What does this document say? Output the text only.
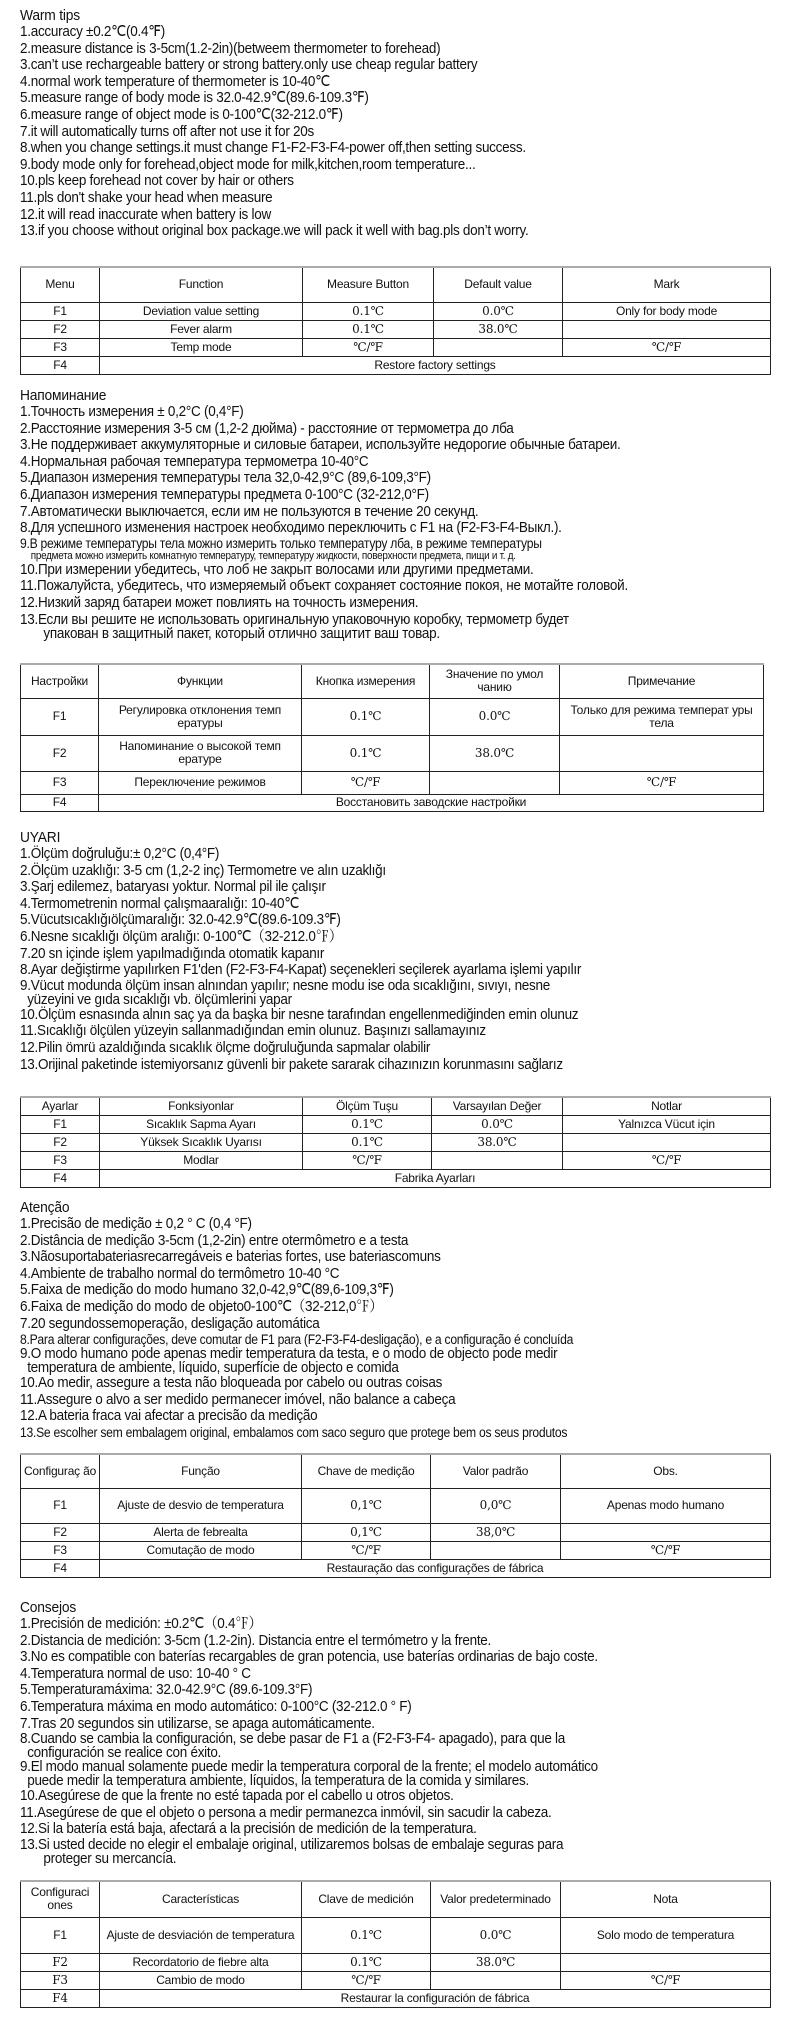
Warm tips

1.accuracy ±0.2℃(0.4℉)

2.measure distance is 3-5cm(1.2-2in)(betweem thermometer to forehead)

3.can’t use rechargeable battery or strong battery.only use cheap regular battery

4.normal work temperature of thermometer is 10-40℃

5.measure range of body mode is 32.0-42.9℃(89.6-109.3℉)

6.measure range of object mode is 0-100℃(32-212.0℉)

7.it will automatically turns off after not use it for 20s

8.when you change settings.it must change F1-F2-F3-F4-power off,then setting success.

9.body mode only for forehead,object mode for milk,kitchen,room temperature...

10.pls keep forehead not cover by hair or others

11.pls don't shake your head when measure

12.it will read inaccurate when battery is low

13.if you choose without original box package.we will pack it well with bag.pls don’t worry.

Menu	Function	Measure Button	Default value	Mark
F1	Deviation value setting	0.1℃	0.0℃	Only for body mode
F2	Fever alarm	0.1℃	38.0℃	
F3	Temp mode	℃/℉		℃/℉
F4	Restore factory settings			

Напоминание

1.Точность измерения ± 0,2°C (0,4°F)

2.Расстояние измерения 3-5 см (1,2-2 дюйма) - расстояние от термометра до лба

3.Не поддерживает аккумуляторные и силовые батареи, используйте недорогие обычные батареи.

4.Нормальная рабочая температура термометра 10-40°C

5.Диапазон измерения температуры тела 32,0-42,9°C (89,6-109,3°F)

6.Диапазон измерения температуры предмета 0-100°C (32-212,0°F)

7.Автоматически выключается, если им не пользуются в течение 20 секунд.

8.Для успешного изменения настроек необходимо переключить с F1 на (F2-F3-F4-Выкл.).

9.В режиме температуры тела можно измерить только температуру лба, в режиме температуры

предмета можно измерить комнатную температуру, температуру жидкости, поверхности предмета, пищи и т. д.

10.При измерении убедитесь, что лоб не закрыт волосами или другими предметами.

11.Пожалуйста, убедитесь, что измеряемый объект сохраняет состояние покоя, не мотайте головой.

12.Низкий заряд батареи может повлиять на точность измерения.

13.Если вы решите не использовать оригинальную упаковочную коробку, термометр будет

упакован в защитный пакет, который отлично защитит ваш товар.

Настройки	Функции	Кнопка измерения	Значение по умол чанию	Примечание
F1	Регулировка отклонения темп ературы	0.1℃	0.0℃	Только для режима температ уры тела
F2	Напоминание о высокой темп ературе	0.1℃	38.0℃	
F3	Переключение режимов	℃/℉		℃/℉
F4	Восстановить заводские настройки			

UYARI

1.Ölçüm doğruluğu:± 0,2°C (0,4°F)

2.Ölçüm uzaklığı: 3-5 cm (1,2-2 inç) Termometre ve alın uzaklığı

3.Şarj edilemez, bataryası yoktur. Normal pil ile çalışır

4.Termometrenin normal çalışmaaralığı: 10-40℃

5.Vücutsıcaklığıölçümaralığı: 32.0-42.9℃(89.6-109.3℉)

6.Nesne sıcaklığı ölçüm aralığı: 0-100℃（32-212.0℉）

7.20 sn içinde işlem yapılmadığında otomatik kapanır

8.Ayar değiştirme yapılırken F1'den (F2-F3-F4-Kapat) seçenekleri seçilerek ayarlama işlemi yapılır

9.Vücut modunda ölçüm insan alnından yapılır; nesne modu ise oda sıcaklığını, sıvıyı, nesne

yüzeyini ve gıda sıcaklığı vb. ölçümlerini yapar

10.Ölçüm esnasında alnın saç ya da başka bir nesne tarafından engellenmediğinden emin olunuz

11.Sıcaklığı ölçülen yüzeyin sallanmadığından emin olunuz. Başınızı sallamayınız

12.Pilin ömrü azaldığında sıcaklık ölçme doğruluğunda sapmalar olabilir

13.Orijinal paketinde istemiyorsanız güvenli bir pakete sararak cihazınızın korunmasını sağlarız

Ayarlar	Fonksiyonlar	Ölçüm Tuşu	Varsayılan Değer	Notlar
F1	Sıcaklık Sapma Ayarı	0.1℃	0.0℃	Yalnızca Vücut için
F2	Yüksek Sıcaklık Uyarısı	0.1℃	38.0℃	
F3	Modlar	℃/℉		℃/℉
F4	Fabrika Ayarları			

Atenção

1.Precisão de medição ± 0,2 ° C (0,4 °F)

2.Distância de medição 3-5cm (1,2-2in) entre otermômetro e a testa

3.Nãosuportabateriasrecarregáveis e baterias fortes, use bateriascomuns

4.Ambiente de trabalho normal do termômetro 10-40 °C

5.Faixa de medição do modo humano 32,0-42,9℃(89,6-109,3℉)

6.Faixa de medição do modo de objeto0-100℃（32-212,0℉）

7.20 segundossemoperação, desligação automática

8.Para alterar configurações, deve comutar de F1 para (F2-F3-F4-desligação), e a configuração é concluída

9.O modo humano pode apenas medir temperatura da testa, e o modo de objecto pode medir

temperatura de ambiente, líquido, superfície de objecto e comida

10.Ao medir, assegure a testa não bloqueada por cabelo ou outras coisas

11.Assegure o alvo a ser medido permanecer imóvel, não balance a cabeça

12.A bateria fraca vai afectar a precisão da medição

13.Se escolher sem embalagem original, embalamos com saco seguro que protege bem os seus produtos

Configuraç ão	Função	Chave de medição	Valor padrão	Obs.
F1	Ajuste de desvio de temperatura	0,1℃	0,0℃	Apenas modo humano
F2	Alerta de febrealta	0,1℃	38,0℃	
F3	Comutação de modo	℃/℉		℃/℉
F4	Restauração das configurações de fábrica			

Consejos

1.Precisión de medición: ±0.2℃（0.4℉）

2.Distancia de medición: 3-5cm (1.2-2in). Distancia entre el termómetro y la frente.

3.No es compatible con baterías recargables de gran potencia, use baterías ordinarias de bajo coste.

4.Temperatura normal de uso: 10-40 ° C

5.Temperaturamáxima: 32.0-42.9°C (89.6-109.3°F)

6.Temperatura máxima en modo automático: 0-100°C (32-212.0 ° F)

7.Tras 20 segundos sin utilizarse, se apaga automáticamente.

8.Cuando se cambia la configuración, se debe pasar de F1 a (F2-F3-F4- apagado), para que la

configuración se realice con éxito.

9.El modo manual solamente puede medir la temperatura corporal de la frente; el modelo automático

puede medir la temperatura ambiente, líquidos, la temperatura de la comida y similares.

10.Asegúrese de que la frente no esté tapada por el cabello u otros objetos.

11.Asegúrese de que el objeto o persona a medir permanezca inmóvil, sin sacudir la cabeza.

12.Si la batería está baja, afectará a la precisión de medición de la temperatura.

13.Si usted decide no elegir el embalaje original, utilizaremos bolsas de embalaje seguras para

proteger su mercancía.

Configuraci ones	Características	Clave de medición	Valor predeterminado	Nota
F1	Ajuste de desviación de temperatura	0.1℃	0.0℃	Solo modo de temperatura
F2	Recordatorio de fiebre alta	0.1℃	38.0℃	
F3	Cambio de modo	℃/℉		℃/℉
F4	Restaurar la configuración de fábrica			
